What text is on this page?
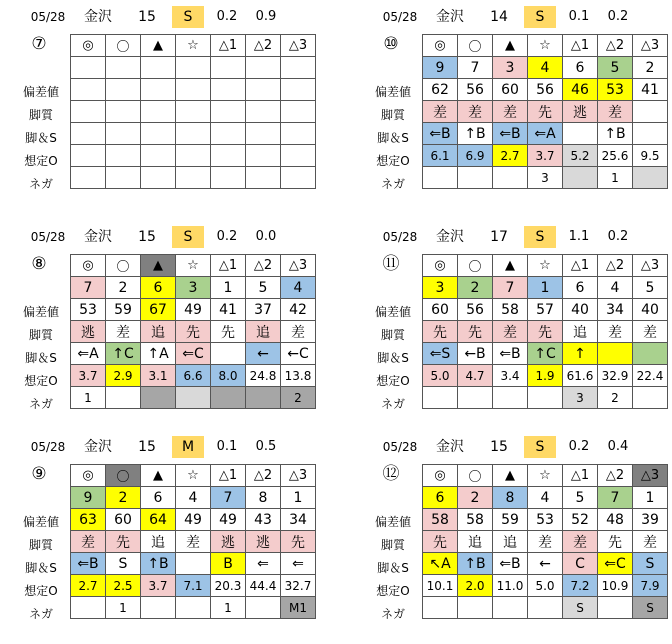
05/28	金沢	15	S	0.2	0.9
⑦
偏差値
脚質
脚＆S
想定O
ネガ
◎	〇	▲	☆	△1	△2	△3

05/28	金沢	14	S	0.1	0.2
⑩
偏差値
脚質
脚＆S
想定O
ネガ
◎	〇	▲	☆	△1	△2	△3
9	7	3	4	6	5	2
62	56	60	56	46	53	41
差	差	差	先	逃	差	
⇐B	↑B	⇐B	⇐A		↑B	
6.1	6.9	2.7	3.7	5.2	25.6	9.5
			3		1	
05/28	金沢	15	S	0.2	0.0
⑧
偏差値
脚質
脚＆S
想定O
ネガ
◎	〇	▲	☆	△1	△2	△3
7	2	6	3	1	5	4
53	59	67	49	41	37	42
逃	差	追	先	先	追	差
⇐A	↑C	↑A	⇐C		←	←C
3.7	2.9	3.1	6.6	8.0	24.8	13.8
1						2
05/28	金沢	17	S	1.1	0.2
⑪
偏差値
脚質
脚＆S
想定O
ネガ
◎	〇	▲	☆	△1	△2	△3
3	2	7	1	6	4	5
60	56	58	57	40	34	40
先	先	差	先	追	差	差
⇐S	←B	⇐B	↑C	↑		
5.0	4.7	3.4	1.9	61.6	32.9	22.4
				3	2	
05/28	金沢	15	M	0.1	0.5
⑨
偏差値
脚質
脚＆S
想定O
ネガ
◎	〇	▲	☆	△1	△2	△3
9	2	6	4	7	8	1
63	60	64	49	49	43	34
差	先	追	差	逃	逃	先
⇐B	S	↑B		B	⇐	⇐
2.7	2.5	3.7	7.1	20.3	44.4	32.7
	1			1		M1
05/28	金沢	15	S	0.2	0.4
⑫
偏差値
脚質
脚＆S
想定O
ネガ
◎	〇	▲	☆	△1	△2	△3
6	2	8	4	5	7	1
58	58	59	53	52	48	39
先	追	追	差	差	先	差
↖A	↑B	⇐B	←	C	⇐C	S
10.1	2.0	11.0	5.0	7.2	10.9	7.9
				S		S
